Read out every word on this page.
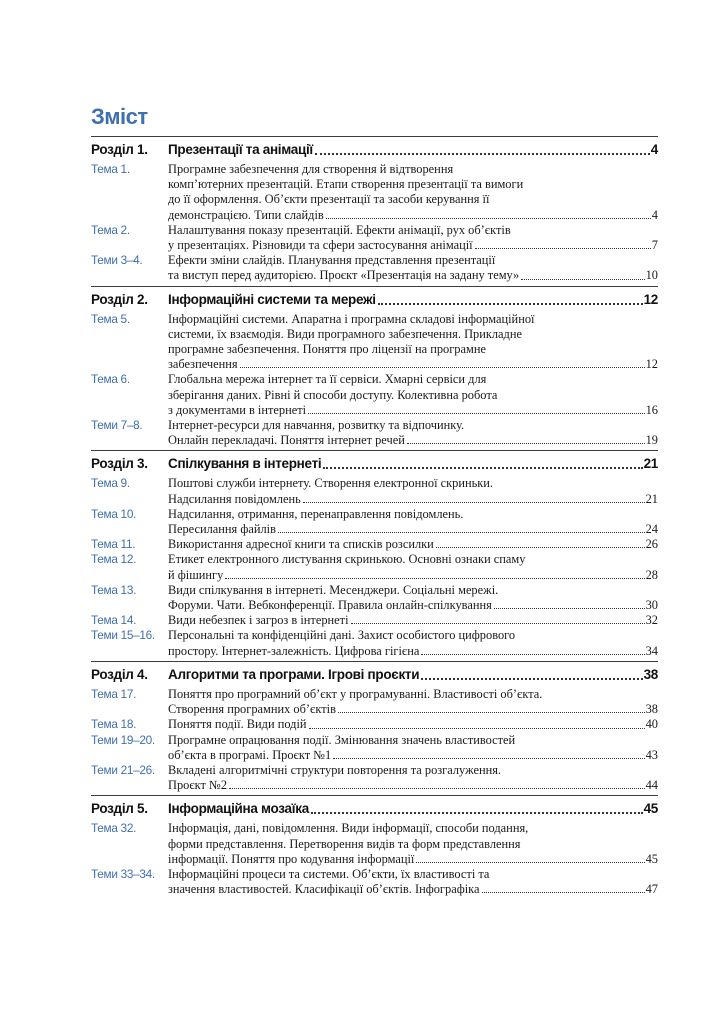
Зміст
Розділ 1.	Презентації та анімації	4
Тема 1.	Програмне забезпечення для створення й відтворення
комп’ютерних презентацій. Етапи створення презентації та вимоги
до її оформлення. Об’єкти презентації та засоби керування її
демонстрацією. Типи слайдів	4
Тема 2.	Налаштування показу презентацій. Ефекти анімації, рух об’єктів
у презентаціях. Різновиди та сфери застосування анімації	7
Теми 3–4.	Ефекти зміни слайдів. Планування представлення презентації
та виступ перед аудиторією. Проєкт «Презентація на задану тему»	10
Розділ 2.	Інформаційні системи та мережі	12
Тема 5.	Інформаційні системи. Апаратна і програмна складові інформаційної
системи, їх взаємодія. Види програмного забезпечення. Прикладне
програмне забезпечення. Поняття про ліцензії на програмне
забезпечення	12
Тема 6.	Глобальна мережа інтернет та її сервіси. Хмарні сервіси для
зберігання даних. Рівні й способи доступу. Колективна робота
з документами в інтернеті	16
Теми 7–8.	Інтернет-ресурси для навчання, розвитку та відпочинку.
Онлайн перекладачі. Поняття інтернет речей	19
Розділ 3.	Спілкування в інтернеті	21
Тема 9.	Поштові служби інтернету. Створення електронної скриньки.
Надсилання повідомлень	21
Тема 10.	Надсилання, отримання, перенаправлення повідомлень.
Пересилання файлів	24
Тема 11.	Використання адресної книги та списків розсилки	26
Тема 12.	Етикет електронного листування скринькою. Основні ознаки спаму
й фішингу	28
Тема 13.	Види спілкування в інтернеті. Месенджери. Соціальні мережі.
Форуми. Чати. Вебконференції. Правила онлайн-спілкування	30
Тема 14.	Види небезпек і загроз в інтернеті	32
Теми 15–16.	Персональні та конфіденційні дані. Захист особистого цифрового
простору. Інтернет-залежність. Цифрова гігієна	34
Розділ 4.	Алгоритми та програми. Ігрові проєкти	38
Тема 17.	Поняття про програмний об’єкт у програмуванні. Властивості об’єкта.
Створення програмних об’єктів	38
Тема 18.	Поняття події. Види подій	40
Теми 19–20.	Програмне опрацювання події. Змінювання значень властивостей
об’єкта в програмі. Проєкт №1	43
Теми 21–26.	Вкладені алгоритмічні структури повторення та розгалуження.
Проєкт №2	44
Розділ 5.	Інформаційна мозаїка	45
Тема 32.	Інформація, дані, повідомлення. Види інформації, способи подання,
форми представлення. Перетворення видів та форм представлення
інформації. Поняття про кодування інформації	45
Теми 33–34.	Інформаційні процеси та системи. Об’єкти, їх властивості та
значення властивостей. Класифікації об’єктів. Інфографіка	47
